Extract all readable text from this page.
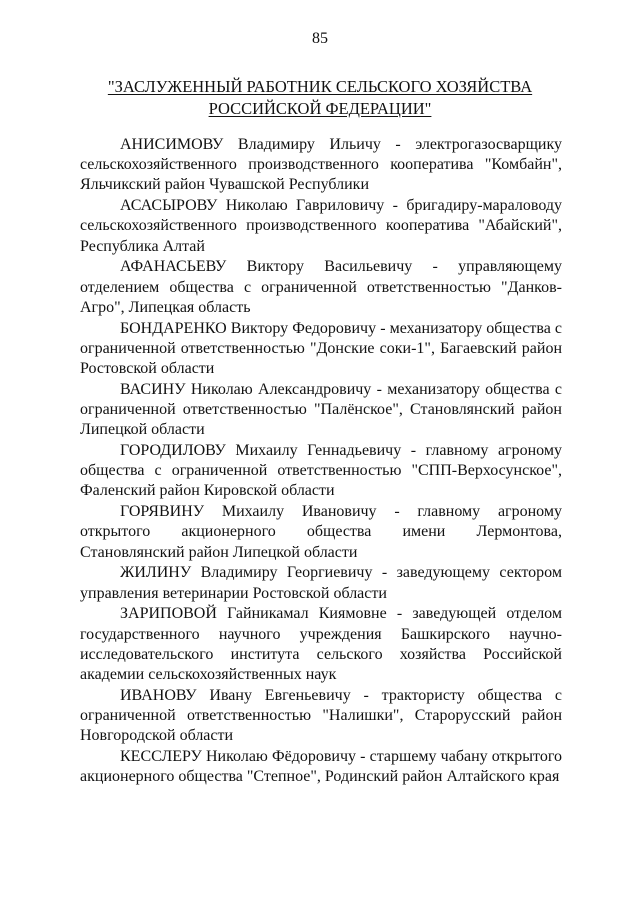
85
"ЗАСЛУЖЕННЫЙ РАБОТНИК СЕЛЬСКОГО ХОЗЯЙСТВА
РОССИЙСКОЙ ФЕДЕРАЦИИ"

АНИСИМОВУ Владимиру Ильичу - электрогазосварщику сельскохозяйственного производственного кооператива "Комбайн", Яльчикский район Чувашской Республики

АСАСЫРОВУ Николаю Гавриловичу - бригадиру-мараловоду сельскохозяйственного производственного кооператива "Абайский", Республика Алтай

АФАНАСЬЕВУ Виктору Васильевичу - управляющему отделением общества с ограниченной ответственностью "Данков-Агро", Липецкая область

БОНДАРЕНКО Виктору Федоровичу - механизатору общества с ограниченной ответственностью "Донские соки-1", Багаевский район Ростовской области

ВАСИНУ Николаю Александровичу - механизатору общества с ограниченной ответственностью "Палёнское", Становлянский район Липецкой области

ГОРОДИЛОВУ Михаилу Геннадьевичу - главному агроному общества с ограниченной ответственностью "СПП-Верхосунское", Фаленский район Кировской области

ГОРЯВИНУ Михаилу Ивановичу - главному агроному открытого акционерного общества имени Лермонтова, Становлянский район Липецкой области

ЖИЛИНУ Владимиру Георгиевичу - заведующему сектором управления ветеринарии Ростовской области

ЗАРИПОВОЙ Гайникамал Киямовне - заведующей отделом государственного научного учреждения Башкирского научно-исследовательского института сельского хозяйства Российской академии сельскохозяйственных наук

ИВАНОВУ Ивану Евгеньевичу - трактористу общества с ограниченной ответственностью "Налишки", Старорусский район Новгородской области

КЕССЛЕРУ Николаю Фёдоровичу - старшему чабану открытого акционерного общества "Степное", Родинский район Алтайского края
